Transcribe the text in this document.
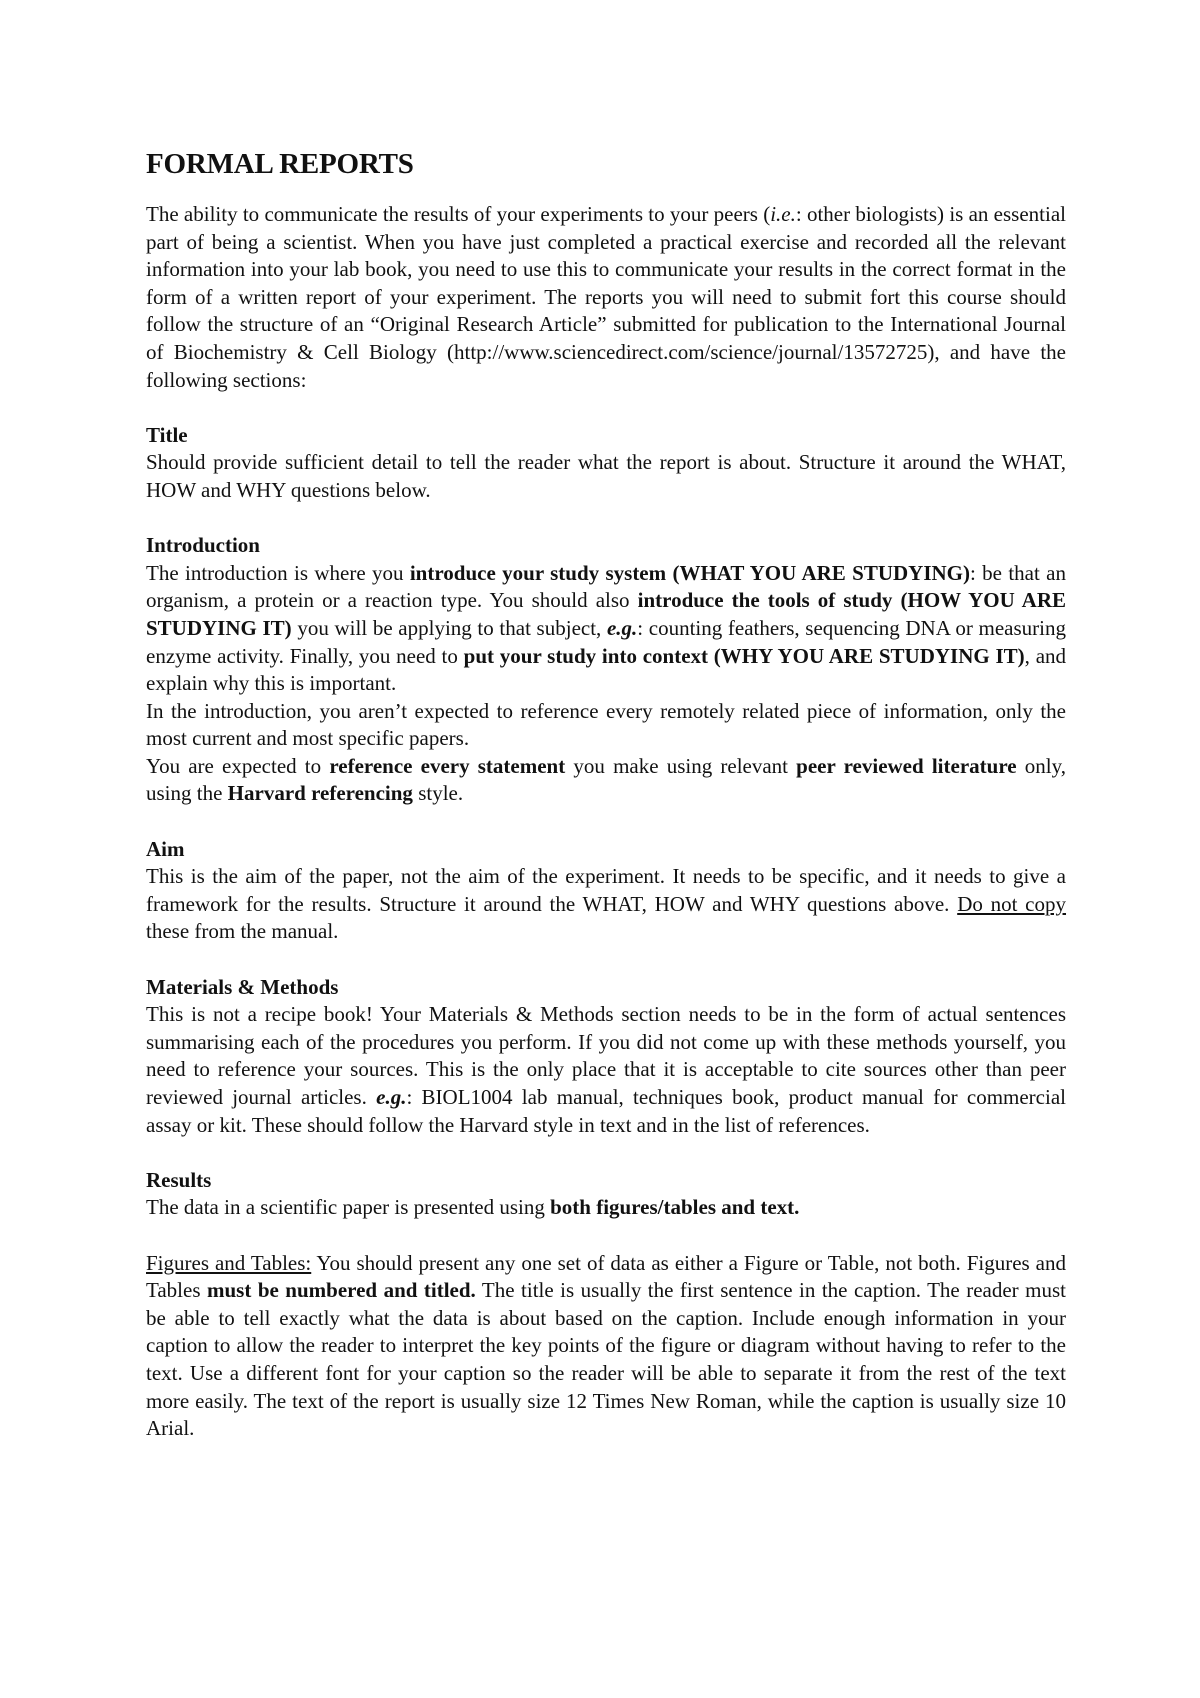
FORMAL REPORTS

The ability to communicate the results of your experiments to your peers (i.e.: other biologists) is an essential part of being a scientist. When you have just completed a practical exercise and recorded all the relevant information into your lab book, you need to use this to communicate your results in the correct format in the form of a written report of your experiment. The reports you will need to submit fort this course should follow the structure of an “Original Research Article” submitted for publication to the International Journal of Biochemistry & Cell Biology (http://www.sciencedirect.com/science/journal/13572725), and have the following sections:

Title

Should provide sufficient detail to tell the reader what the report is about. Structure it around the WHAT, HOW and WHY questions below.

Introduction

The introduction is where you introduce your study system (WHAT YOU ARE STUDYING): be that an organism, a protein or a reaction type. You should also introduce the tools of study (HOW YOU ARE STUDYING IT) you will be applying to that subject, e.g.: counting feathers, sequencing DNA or measuring enzyme activity. Finally, you need to put your study into context (WHY YOU ARE STUDYING IT), and explain why this is important.

In the introduction, you aren’t expected to reference every remotely related piece of information, only the most current and most specific papers.

You are expected to reference every statement you make using relevant peer reviewed literature only, using the Harvard referencing style.

Aim

This is the aim of the paper, not the aim of the experiment. It needs to be specific, and it needs to give a framework for the results. Structure it around the WHAT, HOW and WHY questions above. Do not copy these from the manual.

Materials & Methods

This is not a recipe book! Your Materials & Methods section needs to be in the form of actual sentences summarising each of the procedures you perform. If you did not come up with these methods yourself, you need to reference your sources. This is the only place that it is acceptable to cite sources other than peer reviewed journal articles. e.g.: BIOL1004 lab manual, techniques book, product manual for commercial assay or kit. These should follow the Harvard style in text and in the list of references.

Results

The data in a scientific paper is presented using both figures/tables and text.

Figures and Tables: You should present any one set of data as either a Figure or Table, not both. Figures and Tables must be numbered and titled. The title is usually the first sentence in the caption. The reader must be able to tell exactly what the data is about based on the caption. Include enough information in your caption to allow the reader to interpret the key points of the figure or diagram without having to refer to the text. Use a different font for your caption so the reader will be able to separate it from the rest of the text more easily. The text of the report is usually size 12 Times New Roman, while the caption is usually size 10 Arial.
